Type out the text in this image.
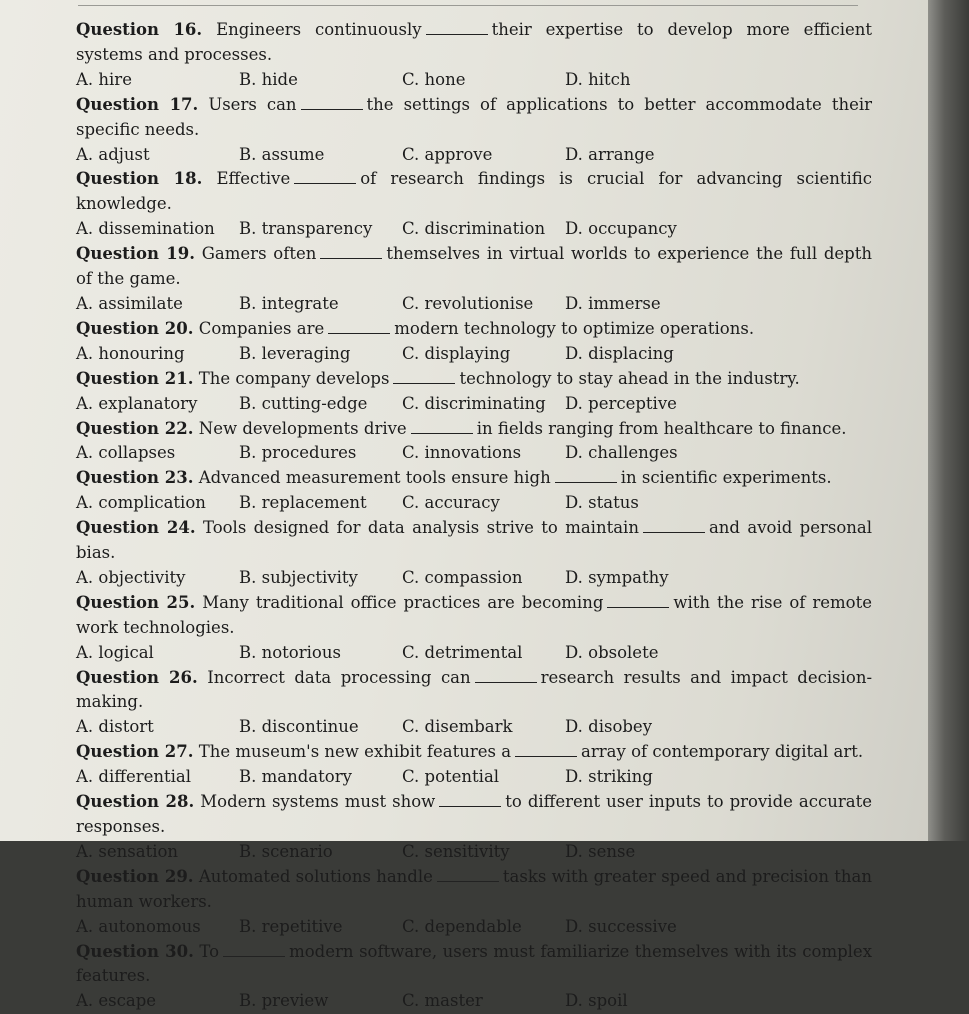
Question 16. Engineers continuously	their expertise to develop more efficient systems and processes.
A. hire	B. hide	C. hone	D. hitch
Question 17. Users can	the settings of applications to better accommodate their specific needs.
A. adjust	B. assume	C. approve	D. arrange
Question 18. Effective	of research findings is crucial for advancing scientific knowledge.
A. dissemination	B. transparency	C. discrimination	D. occupancy
Question 19. Gamers often	themselves in virtual worlds to experience the full depth of the game.
A. assimilate	B. integrate	C. revolutionise	D. immerse
Question 20. Companies are	modern technology to optimize operations.
A. honouring	B. leveraging	C. displaying	D. displacing
Question 21. The company develops	technology to stay ahead in the industry.
A. explanatory	B. cutting-edge	C. discriminating	D. perceptive
Question 22. New developments drive	in fields ranging from healthcare to finance.
A. collapses	B. procedures	C. innovations	D. challenges
Question 23. Advanced measurement tools ensure high	in scientific experiments.
A. complication	B. replacement	C. accuracy	D. status
Question 24. Tools designed for data analysis strive to maintain	and avoid personal bias.
A. objectivity	B. subjectivity	C. compassion	D. sympathy
Question 25. Many traditional office practices are becoming	with the rise of remote work technologies.
A. logical	B. notorious	C. detrimental	D. obsolete
Question 26. Incorrect data processing can	research results and impact decision-making.
A. distort	B. discontinue	C. disembark	D. disobey
Question 27. The museum's new exhibit features a	array of contemporary digital art.
A. differential	B. mandatory	C. potential	D. striking
Question 28. Modern systems must show	to different user inputs to provide accurate responses.
A. sensation	B. scenario	C. sensitivity	D. sense
Question 29. Automated solutions handle	tasks with greater speed and precision than human workers.
A. autonomous	B. repetitive	C. dependable	D. successive
Question 30. To	modern software, users must familiarize themselves with its complex features.
A. escape	B. preview	C. master	D. spoil
